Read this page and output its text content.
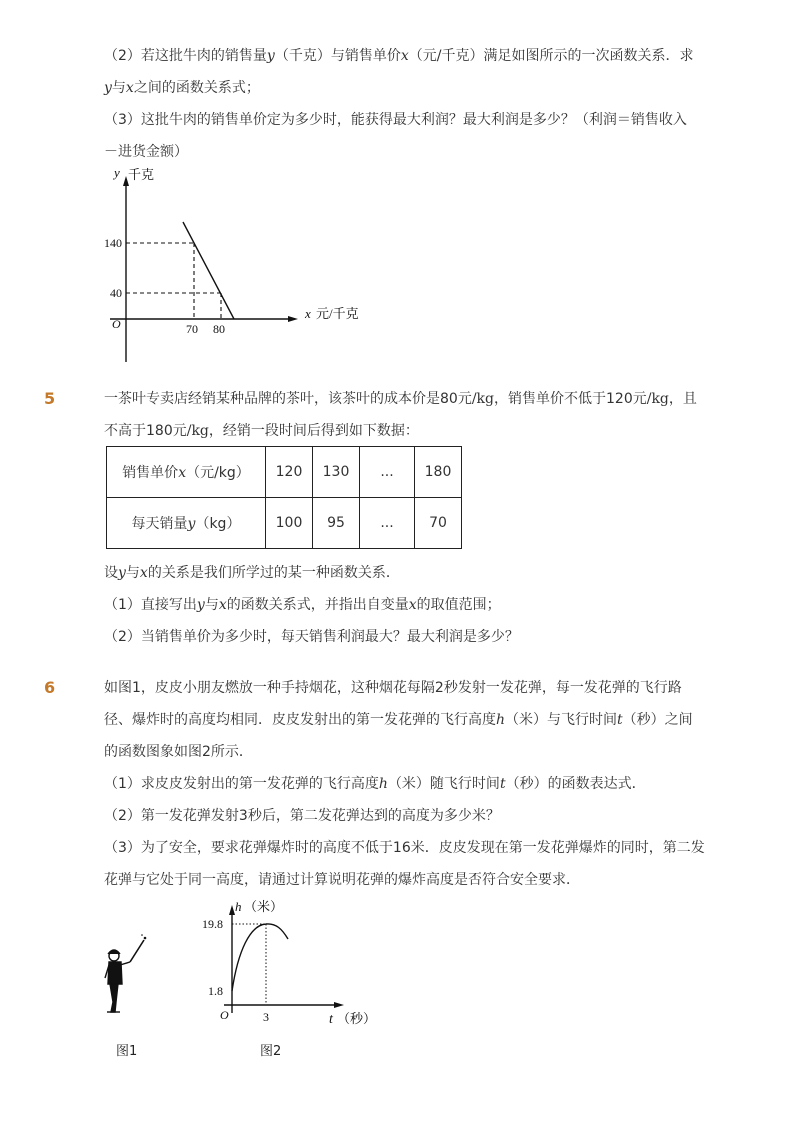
（2）若这批牛肉的销售量y（千克）与销售单价x（元/千克）满足如图所示的一次函数关系．求
y与x之间的函数关系式；
（3）这批牛肉的销售单价定为多少时，能获得最大利润？最大利润是多少？（利润＝销售收入
－进货金额）
y 千克
140
40
O	70 80
x 元/千克
5	一茶叶专卖店经销某种品牌的茶叶，该茶叶的成本价是80元/kg，销售单价不低于120元/kg，且
不高于180元/kg，经销一段时间后得到如下数据：
销售单价x（元/kg）	120	130	...	180
每天销量y（kg）	100	95	...	70
设y与x的关系是我们所学过的某一种函数关系．
（1）直接写出y与x的函数关系式，并指出自变量x的取值范围；
（2）当销售单价为多少时，每天销售利润最大？最大利润是多少？
6	如图1，皮皮小朋友燃放一种手持烟花，这种烟花每隔2秒发射一发花弹，每一发花弹的飞行路
径、爆炸时的高度均相同．皮皮发射出的第一发花弹的飞行高度h（米）与飞行时间t（秒）之间
的函数图象如图2所示．
（1）求皮皮发射出的第一发花弹的飞行高度h（米）随飞行时间t（秒）的函数表达式．
（2）第一发花弹发射3秒后，第二发花弹达到的高度为多少米？
（3）为了安全，要求花弹爆炸时的高度不低于16米．皮皮发现在第一发花弹爆炸的同时，第二发
花弹与它处于同一高度，请通过计算说明花弹的爆炸高度是否符合安全要求．
图1
h （米）
19.8
1.8
O	3	t （秒）
图2
